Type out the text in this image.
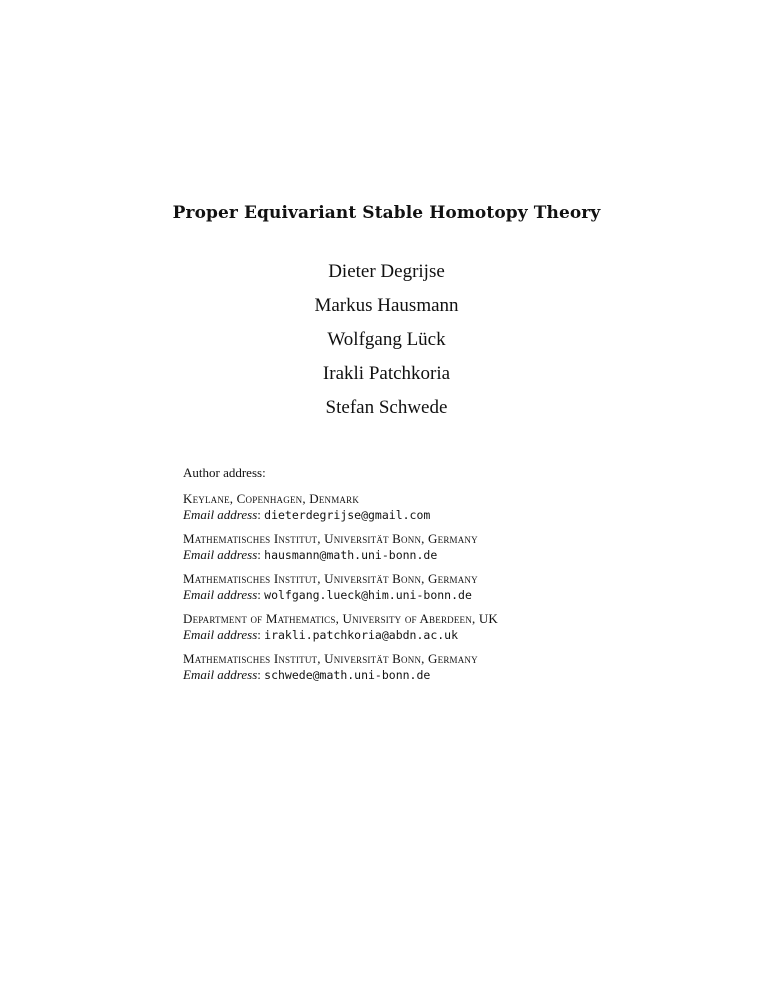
Proper Equivariant Stable Homotopy Theory
Dieter Degrijse
Markus Hausmann
Wolfgang Lück
Irakli Patchkoria
Stefan Schwede
Author address:
Keylane, Copenhagen, Denmark
Email address: dieterdegrijse@gmail.com
Mathematisches Institut, Universität Bonn, Germany
Email address: hausmann@math.uni-bonn.de
Mathematisches Institut, Universität Bonn, Germany
Email address: wolfgang.lueck@him.uni-bonn.de
Department of Mathematics, University of Aberdeen, UK
Email address: irakli.patchkoria@abdn.ac.uk
Mathematisches Institut, Universität Bonn, Germany
Email address: schwede@math.uni-bonn.de
